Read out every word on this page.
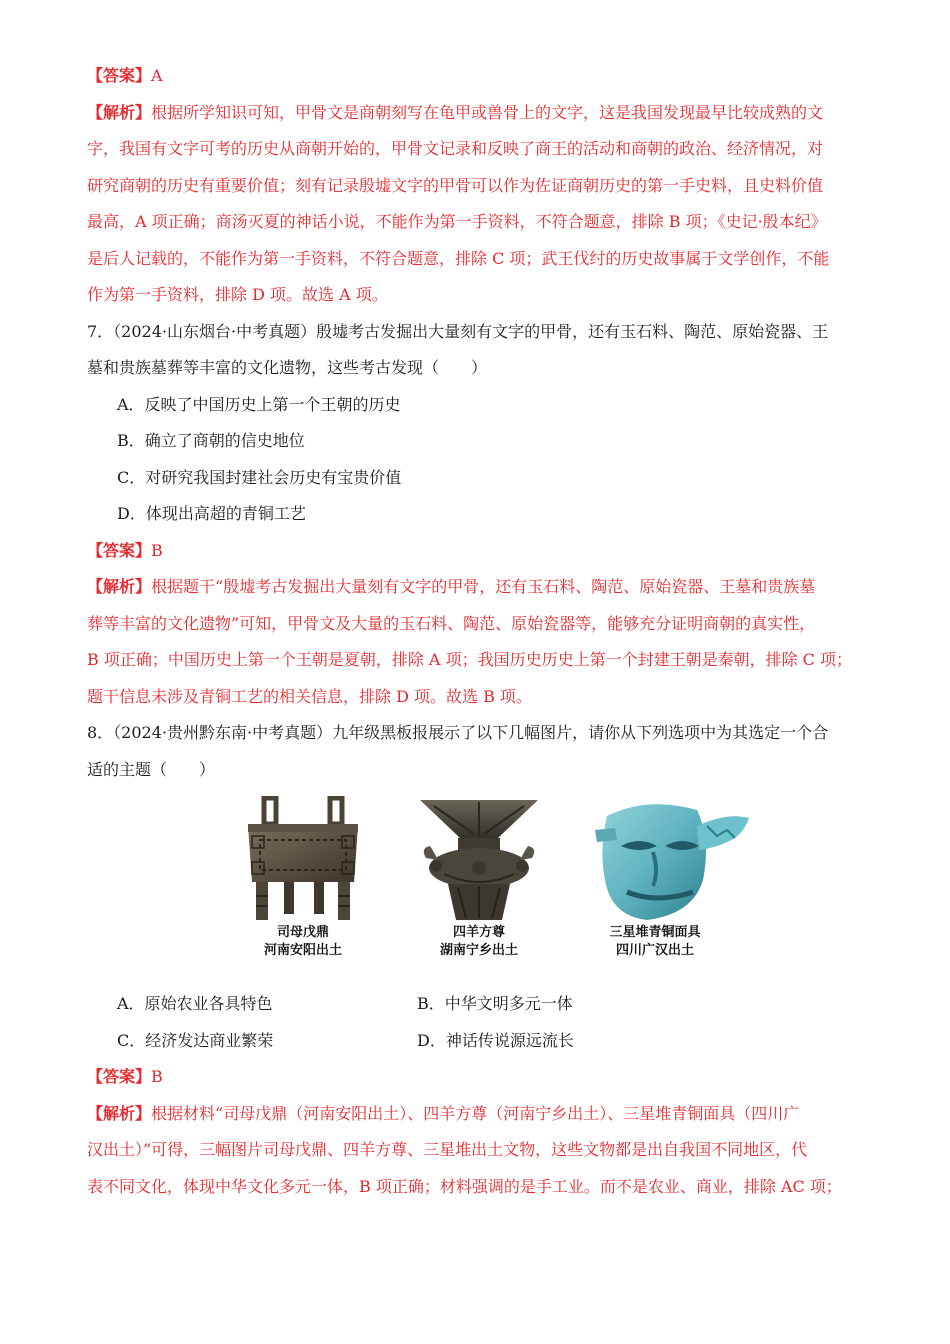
【答案】A
【解析】根据所学知识可知，甲骨文是商朝刻写在龟甲或兽骨上的文字，这是我国发现最早比较成熟的文
字，我国有文字可考的历史从商朝开始的，甲骨文记录和反映了商王的活动和商朝的政治、经济情况，对
研究商朝的历史有重要价值；刻有记录殷墟文字的甲骨可以作为佐证商朝历史的第一手史料，且史料价值
最高，A 项正确；商汤灭夏的神话小说，不能作为第一手资料，不符合题意，排除 B 项；《史记·殷本纪》
是后人记载的，不能作为第一手资料，不符合题意，排除 C 项；武王伐纣的历史故事属于文学创作，不能
作为第一手资料，排除 D 项。故选 A 项。
7．（2024·山东烟台·中考真题）殷墟考古发掘出大量刻有文字的甲骨，还有玉石料、陶范、原始瓷器、王
墓和贵族墓葬等丰富的文化遗物，这些考古发现（　　）
A．反映了中国历史上第一个王朝的历史
B．确立了商朝的信史地位
C．对研究我国封建社会历史有宝贵价值
D．体现出高超的青铜工艺
【答案】B
【解析】根据题干“殷墟考古发掘出大量刻有文字的甲骨，还有玉石料、陶范、原始瓷器、王墓和贵族墓
葬等丰富的文化遗物”可知，甲骨文及大量的玉石料、陶范、原始瓷器等，能够充分证明商朝的真实性，
B 项正确；中国历史上第一个王朝是夏朝，排除 A 项；我国历史历史上第一个封建王朝是秦朝，排除 C 项；
题干信息未涉及青铜工艺的相关信息，排除 D 项。故选 B 项。
8．（2024·贵州黔东南·中考真题）九年级黑板报展示了以下几幅图片，请你从下列选项中为其选定一个合
适的主题（　　）
司母戊鼎
河南安阳出土
四羊方尊
湖南宁乡出土
三星堆青铜面具
四川广汉出土
A．原始农业各具特色	B．中华文明多元一体
C．经济发达商业繁荣	D．神话传说源远流长
【答案】B
【解析】根据材料“司母戊鼎（河南安阳出土）、四羊方尊（河南宁乡出土）、三星堆青铜面具（四川广
汉出土）”可得，三幅图片司母戊鼎、四羊方尊、三星堆出土文物，这些文物都是出自我国不同地区，代
表不同文化，体现中华文化多元一体，B 项正确；材料强调的是手工业。而不是农业、商业，排除 AC 项；
